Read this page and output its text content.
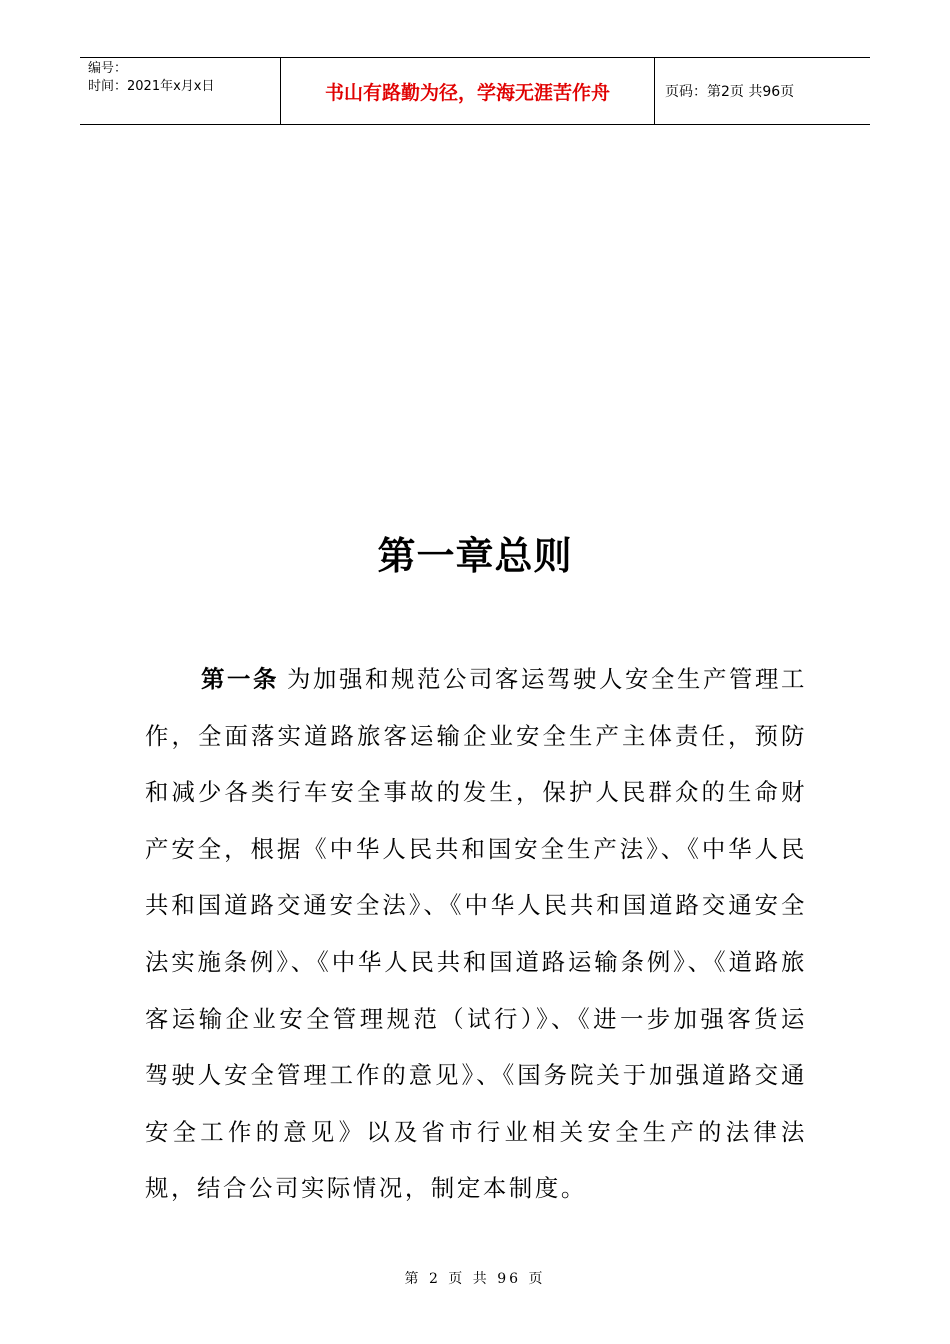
编号：
时间：2021年x月x日	书山有路勤为径，学海无涯苦作舟	页码：第2页 共96页
第一章总则
第一条 为加强和规范公司客运驾驶人安全生产管理工作，全面落实道路旅客运输企业安全生产主体责任，预防和减少各类行车安全事故的发生，保护人民群众的生命财产安全，根据《中华人民共和国安全生产法》、《中华人民共和国道路交通安全法》、《中华人民共和国道路交通安全法实施条例》、《中华人民共和国道路运输条例》、《道路旅客运输企业安全管理规范（试行）》、《进一步加强客货运驾驶人安全管理工作的意见》、《国务院关于加强道路交通安全工作的意见》以及省市行业相关安全生产的法律法规，结合公司实际情况，制定本制度。
第 2 页 共 96 页
